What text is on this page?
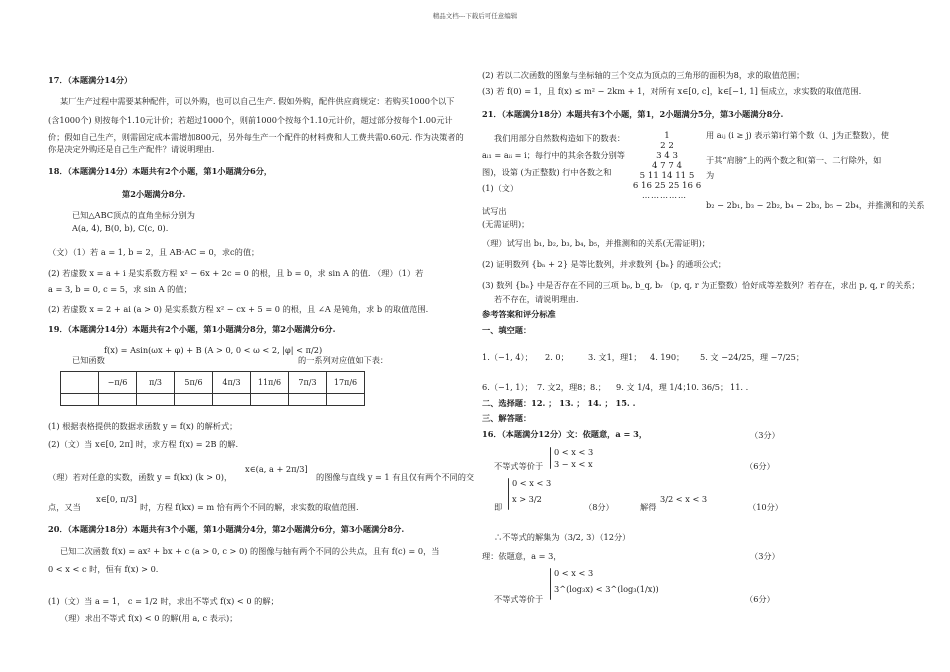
精品文档---下载后可任意编辑
17．（本题满分14分）
某厂生产过程中需要某种配件，可以外购，也可以自己生产. 假如外购，配件供应商规定：若购买1000个以下
(含1000个) 则按每个1.10元计价；若超过1000个，则前1000个按每个1.10元计价，超过部分按每个1.00元计
价；假如自己生产，则需固定成本需增加800元，另外每生产一个配件的材料费和人工费共需0.60元. 作为决策者的
你是决定外购还是自己生产配件？请说明理由.
18．（本题满分14分）本题共有2个小题，第1小题满分6分，
第2小题满分8分.
已知△ABC顶点的直角坐标分别为
A(a, 4), B(0, b), C(c, 0).
（文）（1）若 a = 1, b = 2，且 AB·AC = 0，求c的值；
(2) 若虚数 x = a + i 是实系数方程 x² − 6x + 2c = 0 的根，且 b = 0，求 sin A 的值. （理）（1）若
a = 3, b = 0, c = 5，求 sin A 的值；
(2) 若虚数 x = 2 + ai (a > 0) 是实系数方程 x² − cx + 5 = 0 的根，且 ∠A 是钝角，求 b 的取值范围.
19．（本题满分14分）本题共有2个小题，第1小题满分8分，第2小题满分6分.
已知函数
f(x) = Asin(ωx + φ) + B (A > 0, 0 < ω < 2, |φ| < π/2)
的一系列对应值如下表：
	−π/6	π/3	5π/6	4π/3	11π/6	7π/3	17π/6

(1) 根据表格提供的数据求函数 y = f(x) 的解析式；
(2)（文）当 x∈[0, 2π] 时，求方程 f(x) = 2B 的解.
（理）若对任意的实数，函数 y = f(kx) (k > 0)，
x∈(a, a + 2π/3]
的图像与直线 y = 1 有且仅有两个不同的交
点，又当
x∈[0, π/3]
时，方程 f(kx) = m 恰有两个不同的解，求实数的取值范围.
20．（本题满分18分）本题共有3个小题，第1小题满分4分，第2小题满分6分，第3小题满分8分.
已知二次函数 f(x) = ax² + bx + c (a > 0, c > 0) 的图像与轴有两个不同的公共点，且有 f(c) = 0，当
0 < x < c 时，恒有 f(x) > 0.
(1)（文）当 a = 1， c = 1/2 时，求出不等式 f(x) < 0 的解；
（理）求出不等式 f(x) < 0 的解(用 a, c 表示)；
(2) 若以二次函数的图象与坐标轴的三个交点为顶点的三角形的面积为8，求的取值范围；
(3) 若 f(0) = 1，且 f(x) ≤ m² − 2km + 1，对所有 x∈[0, c]，k∈[−1, 1] 恒成立，求实数的取值范围.
21．（本题满分18分）本题共有3个小题，第1，2小题满分5分，第3小题满分8分.
我们用部分自然数构造如下的数表：	用 aᵢⱼ (i ≥ j) 表示第i行第个数（i、j为正整数），使
aᵢ₁ = aᵢᵢ = i；每行中的其余各数分别等	于其“肩膀”上的两个数之和(第一、二行除外，如
图)，设第 (为正整数) 行中各数之和	为
(1)（文）
1
2 2
3 4 3
4 7 7 4
5 11 14 11 5
6 16 25 25 16 6
……………
b₂ − 2b₁, b₃ − 2b₂, b₄ − 2b₃, b₅ − 2b₄，并推测和的关系
试写出
(无需证明)；
（理）试写出 b₁, b₂, b₃, b₄, b₅，并推测和的关系(无需证明)；
(2) 证明数列 {bₙ + 2} 是等比数列，并求数列 {bₙ} 的通项公式；
(3) 数列 {bₙ} 中是否存在不同的三项 bₚ, b_q, bᵣ （p, q, r 为正整数）恰好成等差数列？若存在，求出 p, q, r 的关系；
若不存在，请说明理由.
参考答案和评分标准
一、填空题：
1.（−1, 4）； 2. 0； 3. 文1，理1； 4. 190； 5. 文 −24/25，理 −7/25；
6.（−1, 1）； 7. 文2，理8； 8.； 9. 文 1/4，理 1/4；
10. 36/5； 11. .
二、选择题：12. ； 13. ； 14. ； 15. .
三、解答题：
16．（本题满分12分）文：依题意，a = 3，	（3分）
不等式等价于
0 < x < 3
3 − x < x	（6分）
即
0 < x < 3
x > 3/2
（8分）	解得
3/2 < x < 3
（10分）
∴不等式的解集为（3/2, 3）（12分）
理：依题意，a = 3，	（3分）
不等式等价于
0 < x < 3
3^(log₃x) < 3^(log₃(1/x))
（6分）
